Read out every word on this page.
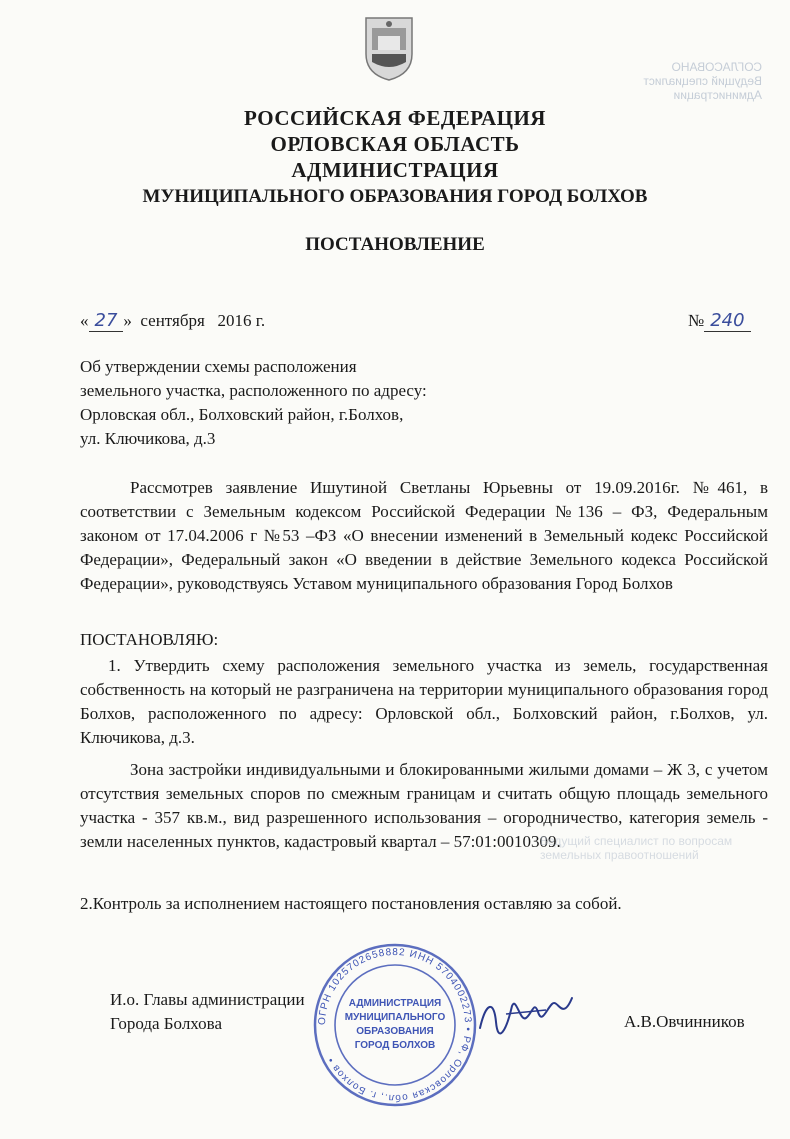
СОГЛАСОВАНО
Ведущий специалист
Администрации
РОССИЙСКАЯ ФЕДЕРАЦИЯ
ОРЛОВСКАЯ ОБЛАСТЬ
АДМИНИСТРАЦИЯ
МУНИЦИПАЛЬНОГО ОБРАЗОВАНИЯ ГОРОД БОЛХОВ
ПОСТАНОВЛЕНИЕ
« 27 » сентября   2016 г.	№ 240
Об утверждении схемы расположения
земельного участка, расположенного по адресу:
Орловская обл., Болховский район, г.Болхов,
ул. Ключикова, д.3
Рассмотрев заявление Ишутиной Светланы Юрьевны от 19.09.2016г. №461, в соответствии с Земельным кодексом Российской Федерации №136 – ФЗ, Федеральным законом от 17.04.2006 г №53 –ФЗ «О внесении изменений в Земельный кодекс Российской Федерации», Федеральный закон «О введении в действие Земельного кодекса Российской Федерации», руководствуясь Уставом муниципального образования Город Болхов
ПОСТАНОВЛЯЮ:
1. Утвердить схему расположения земельного участка из земель, государственная собственность на который не разграничена на территории муниципального образования город Болхов, расположенного по адресу: Орловской обл., Болховский район, г.Болхов, ул. Ключикова, д.3.
Зона застройки индивидуальными и блокированными жилыми домами – Ж 3, с учетом отсутствия земельных споров по смежным границам и считать общую площадь земельного участка - 357 кв.м., вид разрешенного использования – огородничество, категория земель - земли населенных пунктов, кадастровый квартал – 57:01:0010309.
Ведущий специалист по вопросам
земельных правоотношений
2.Контроль за исполнением настоящего постановления оставляю за собой.
И.о. Главы администрации
Города Болхова	ОГРН 1025702658882 ИНН 5704002273 • РФ, Орловская обл., г. Болхов •
АДМИНИСТРАЦИЯ
МУНИЦИПАЛЬНОГО
ОБРАЗОВАНИЯ
ГОРОД БОЛХОВ
А.В.Овчинников
